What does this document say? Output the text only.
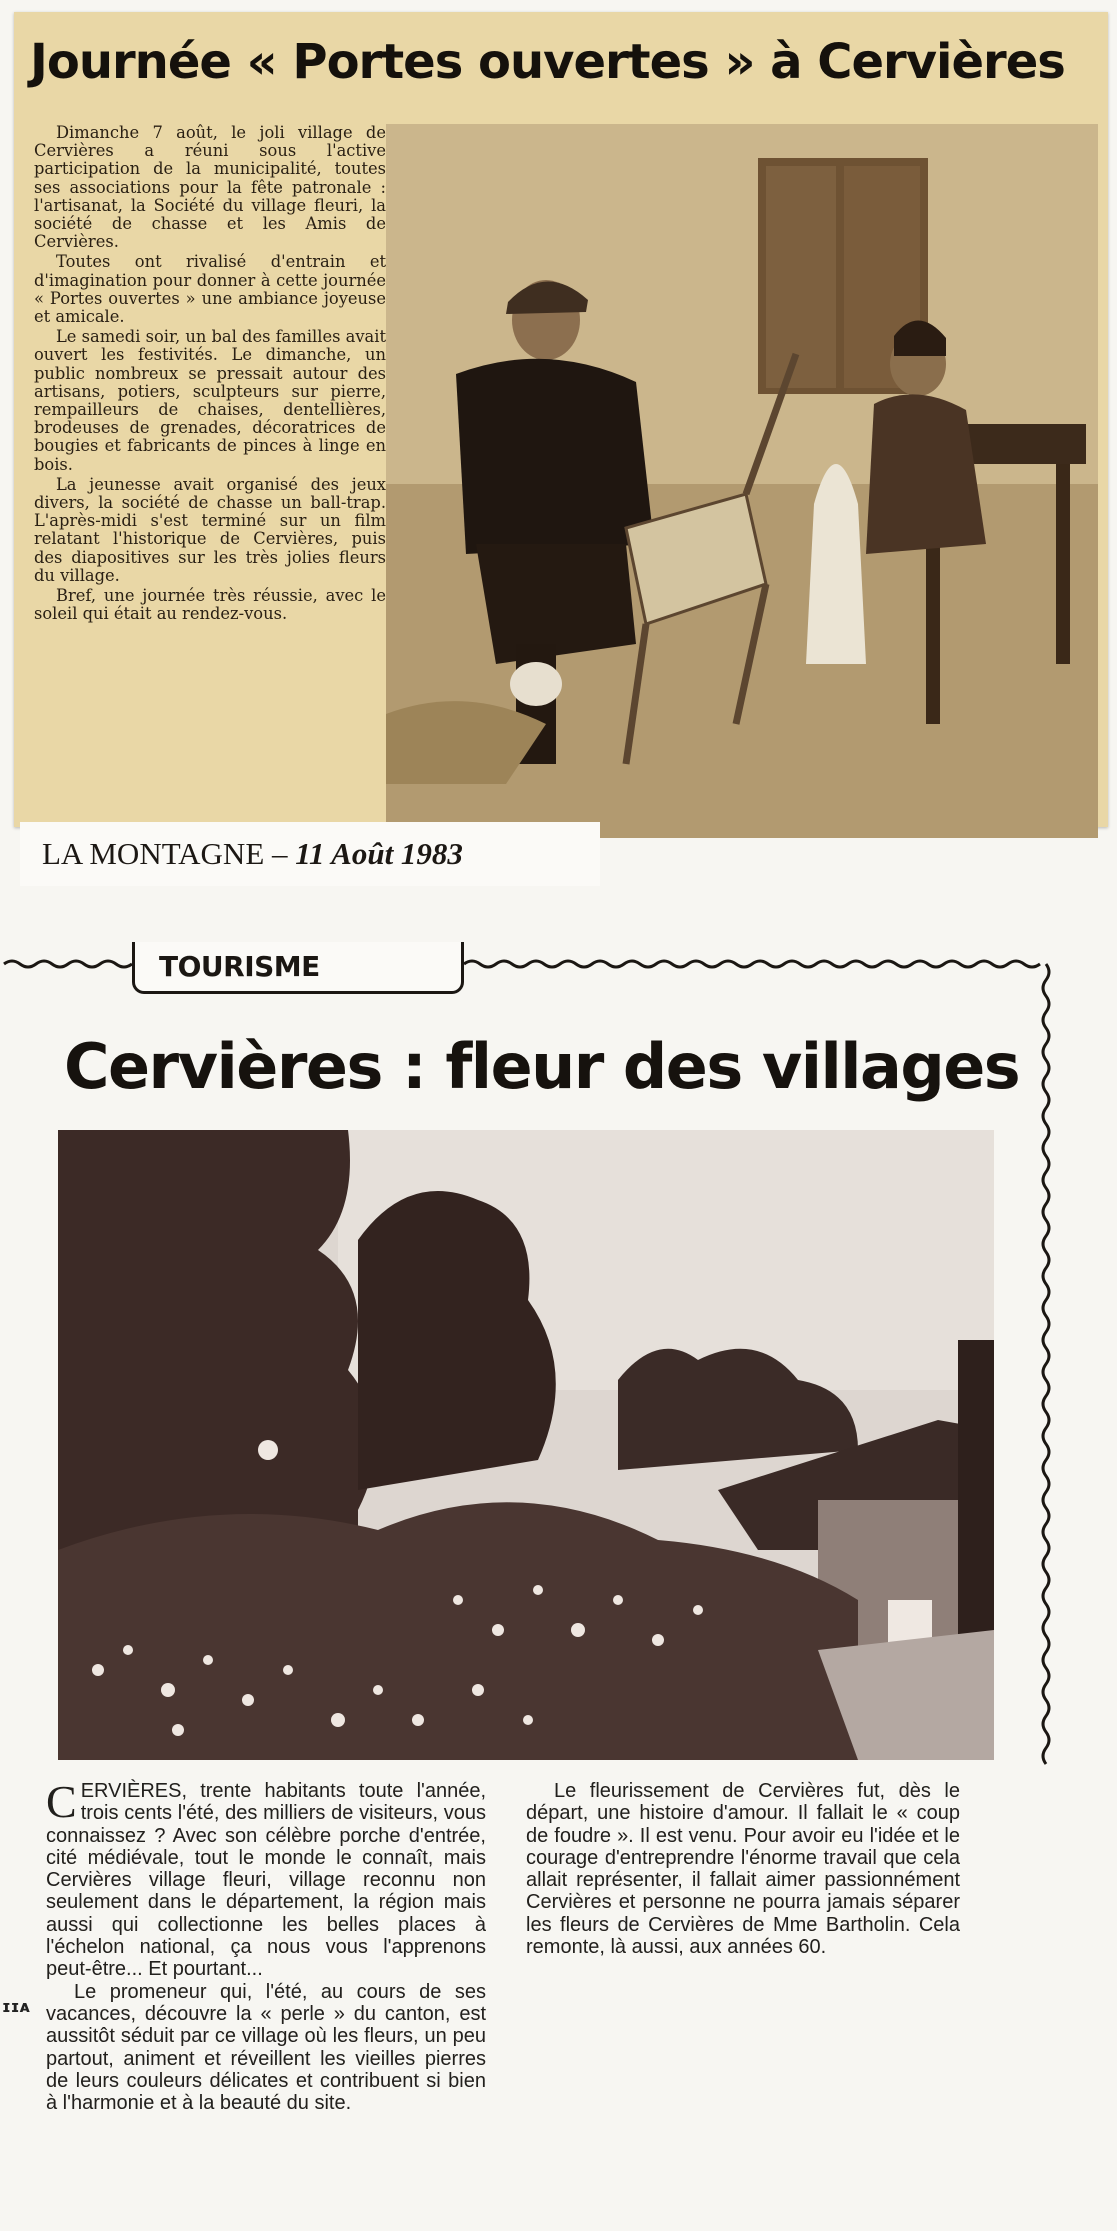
Journée « Portes ouvertes » à Cervières

Dimanche 7 août, le joli village de Cervières a réuni sous l'active participation de la municipalité, toutes ses associations pour la fête patronale : l'artisanat, la Société du village fleuri, la société de chasse et les Amis de Cervières.

Toutes ont rivalisé d'entrain et d'imagination pour donner à cette journée « Portes ouvertes » une ambiance joyeuse et amicale.

Le samedi soir, un bal des familles avait ouvert les festivités. Le dimanche, un public nombreux se pressait autour des artisans, potiers, sculpteurs sur pierre, rempailleurs de chaises, dentellières, brodeuses de grenades, décoratrices de bougies et fabricants de pinces à linge en bois.

La jeunesse avait organisé des jeux divers, la société de chasse un ball-trap. L'après-midi s'est terminé sur un film relatant l'historique de Cervières, puis des diapositives sur les très jolies fleurs du village.

Bref, une journée très réussie, avec le soleil qui était au rendez-vous.

LA MONTAGNE – 11 Août 1983
TOURISME
Cervières : fleur des villages

CERVIÈRES, trente habitants toute l'année, trois cents l'été, des milliers de visiteurs, vous connaissez ? Avec son célèbre porche d'entrée, cité médiévale, tout le monde le connaît, mais Cervières village fleuri, village reconnu non seulement dans le département, la région mais aussi qui collectionne les belles places à l'échelon national, ça nous vous l'apprenons peut-être... Et pourtant...

Le promeneur qui, l'été, au cours de ses vacances, découvre la « perle » du canton, est aussitôt séduit par ce village où les fleurs, un peu partout, animent et réveillent les vieilles pierres de leurs couleurs délicates et contribuent si bien à l'harmonie et à la beauté du site.

Le fleurissement de Cervières fut, dès le départ, une histoire d'amour. Il fallait le « coup de foudre ». Il est venu. Pour avoir eu l'idée et le courage d'entreprendre l'énorme travail que cela allait représenter, il fallait aimer passionnément Cervières et personne ne pourra jamais séparer les fleurs de Cervières de Mme Bartholin. Cela remonte, là aussi, aux années 60.

ɪɪᴀ
